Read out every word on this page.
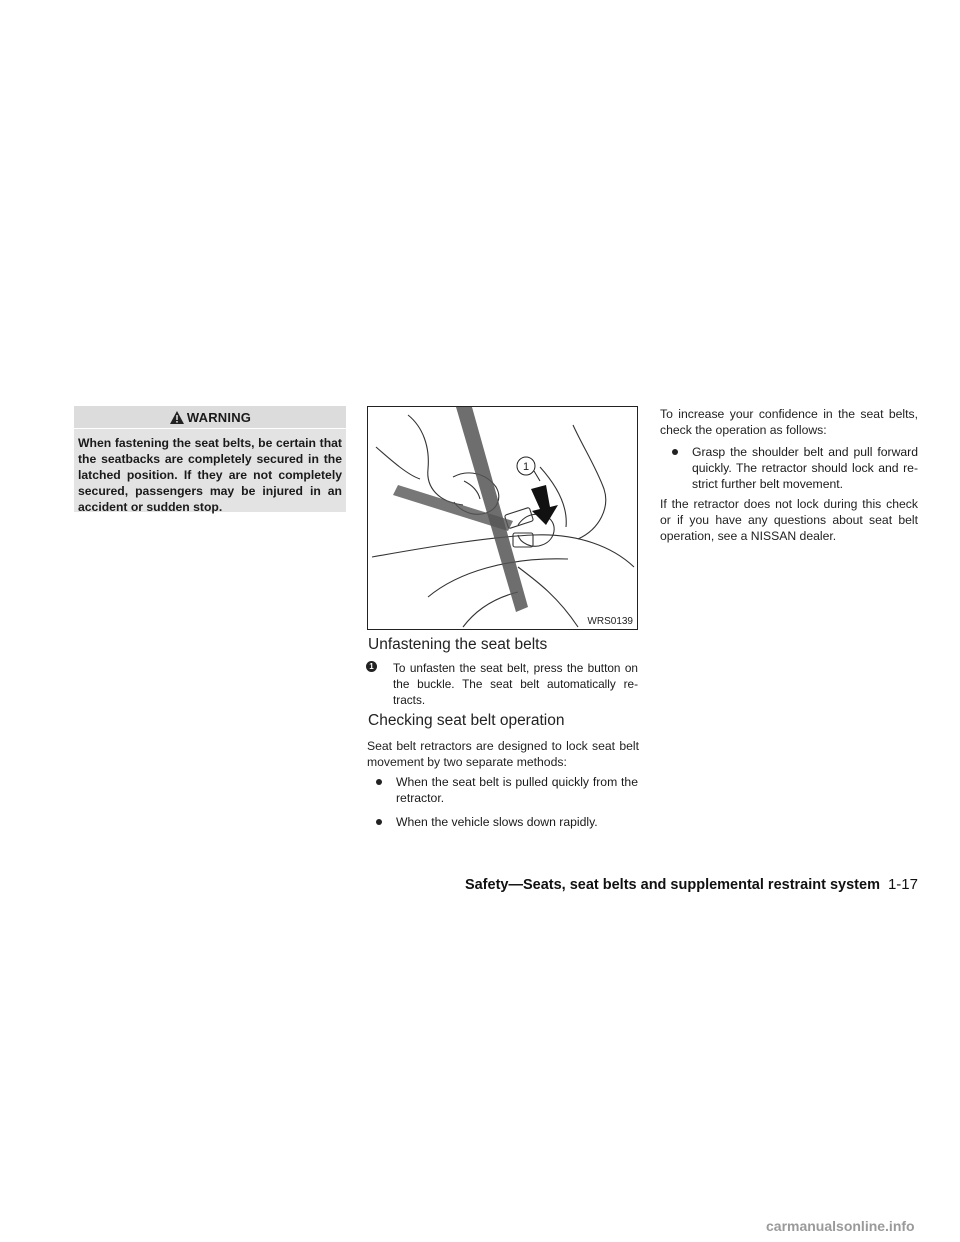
WARNING
When fastening the seat belts, be certain that the seatbacks are completely secured in the latched position. If they are not completely secured, passengers may be injured in an accident or sudden stop.
1
WRS0139
Unfastening the seat belts
1 To unfasten the seat belt, press the button on the buckle. The seat belt automatically retracts.
Checking seat belt operation
Seat belt retractors are designed to lock seat belt movement by two separate methods:
When the seat belt is pulled quickly from the retractor.
When the vehicle slows down rapidly.
To increase your confidence in the seat belts, check the operation as follows:
Grasp the shoulder belt and pull forward quickly. The retractor should lock and restrict further belt movement.
If the retractor does not lock during this check or if you have any questions about seat belt operation, see a NISSAN dealer.
Safety—Seats, seat belts and supplemental restraint system 1-17
carmanualsonline.info
